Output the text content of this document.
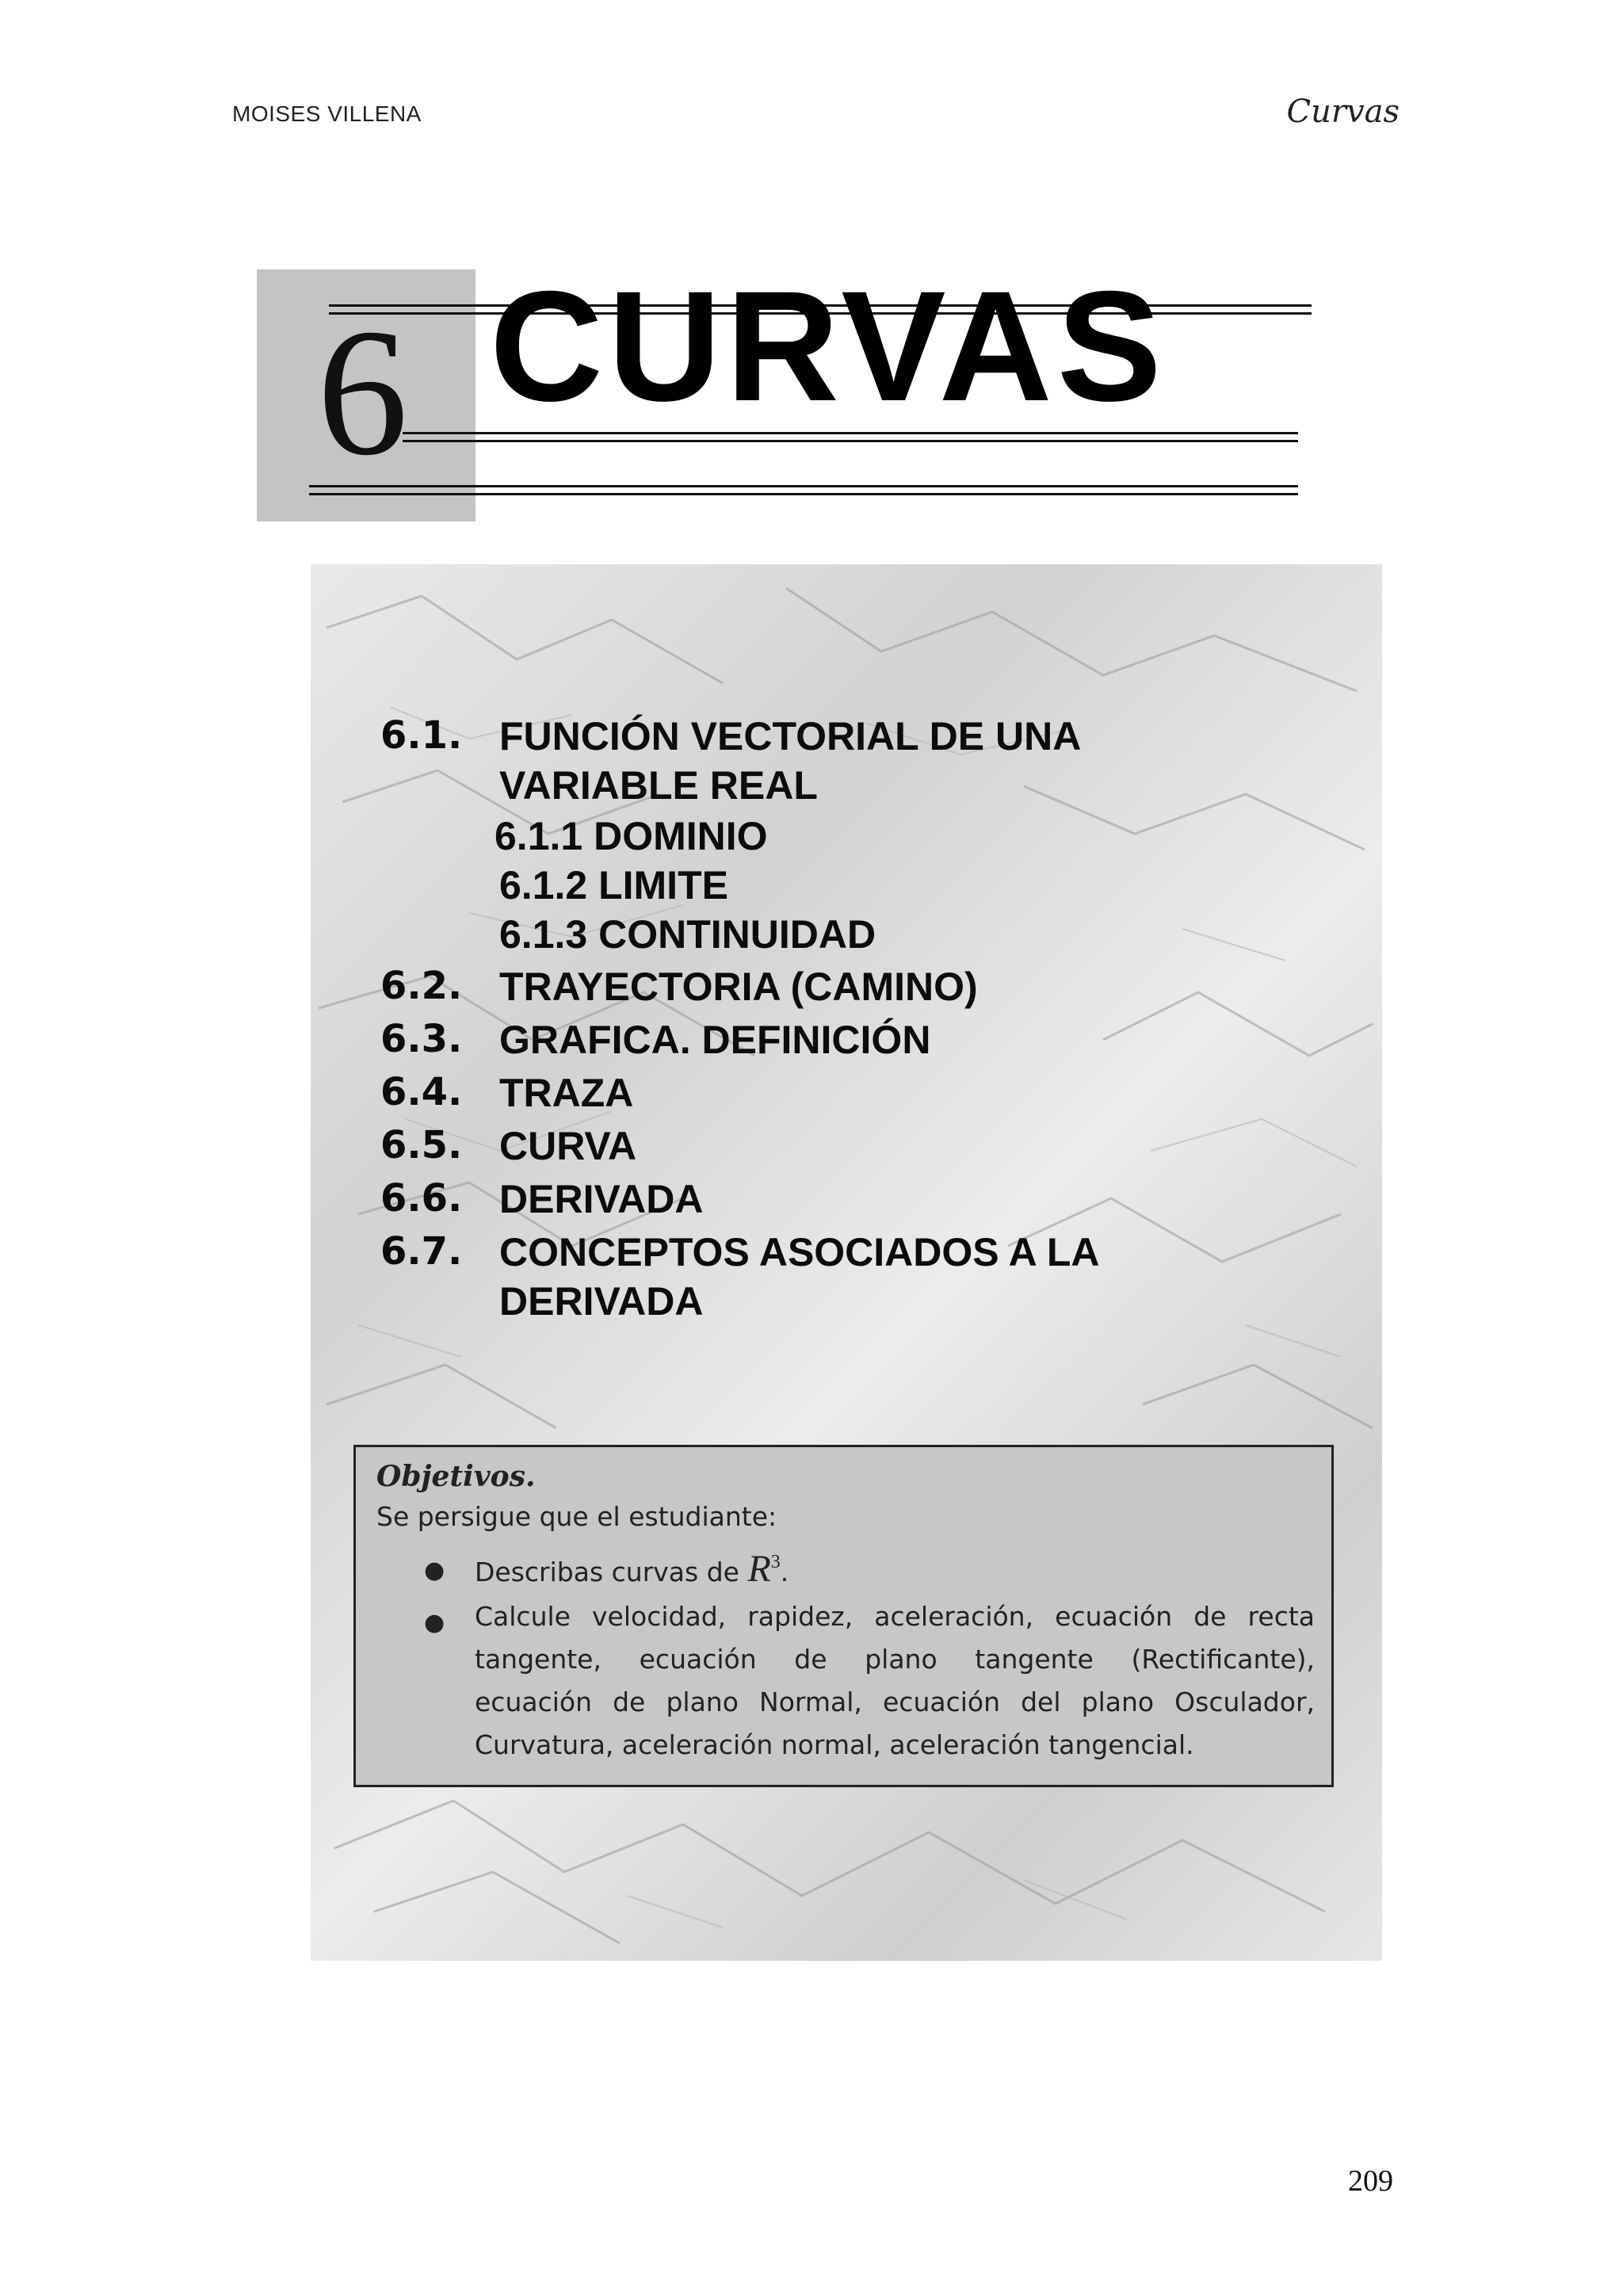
MOISES VILLENA	Curvas
6 CURVAS
6.1. FUNCIÓN VECTORIAL DE UNA
VARIABLE REAL
6.1.1 DOMINIO
6.1.2 LIMITE
6.1.3 CONTINUIDAD
6.2. TRAYECTORIA (CAMINO)
6.3. GRAFICA. DEFINICIÓN
6.4. TRAZA
6.5. CURVA
6.6. DERIVADA
6.7. CONCEPTOS ASOCIADOS A LA
DERIVADA
Objetivos.
Se persigue que el estudiante:
● Describas curvas de $R^3$.
● Calcule velocidad, rapidez, aceleración, ecuación de recta
tangente, ecuación de plano tangente (Rectificante),
ecuación de plano Normal, ecuación del plano Osculador,
Curvatura, aceleración normal, aceleración tangencial.
209
